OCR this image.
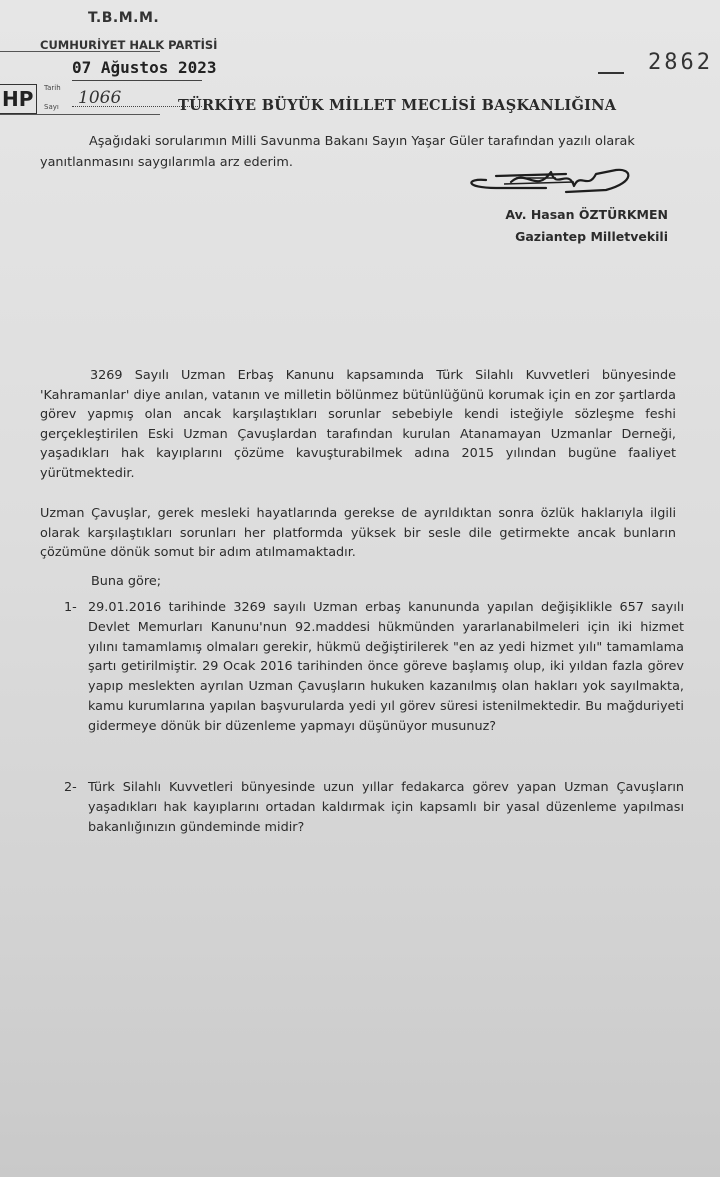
T.B.M.M.
CUMHURİYET HALK PARTİSİ
HP	Tarih
07 Ağustos 2023
Sayı 1066
2862
TÜRKİYE BÜYÜK MİLLET MECLİSİ BAŞKANLIĞINA
Aşağıdaki sorularımın Milli Savunma Bakanı Sayın Yaşar Güler tarafından yazılı olarak
yanıtlanmasını saygılarımla arz ederim.
Av. Hasan ÖZTÜRKMEN
Gaziantep Milletvekili
3269 Sayılı Uzman Erbaş Kanunu kapsamında Türk Silahlı Kuvvetleri bünyesinde 'Kahramanlar' diye anılan, vatanın ve milletin bölünmez bütünlüğünü korumak için en zor şartlarda görev yapmış olan ancak karşılaştıkları sorunlar sebebiyle kendi isteğiyle sözleşme feshi gerçekleştirilen Eski Uzman Çavuşlardan tarafından kurulan Atanamayan Uzmanlar Derneği, yaşadıkları hak kayıplarını çözüme kavuşturabilmek adına 2015 yılından bugüne faaliyet yürütmektedir.
Uzman Çavuşlar, gerek mesleki hayatlarında gerekse de ayrıldıktan sonra özlük haklarıyla ilgili olarak karşılaştıkları sorunları her platformda yüksek bir sesle dile getirmekte ancak bunların çözümüne dönük somut bir adım atılmamaktadır.
Buna göre;
1- 29.01.2016 tarihinde 3269 sayılı Uzman erbaş kanununda yapılan değişiklikle 657 sayılı Devlet Memurları Kanunu'nun 92.maddesi hükmünden yararlanabilmeleri için iki hizmet yılını tamamlamış olmaları gerekir, hükmü değiştirilerek "en az yedi hizmet yılı" tamamlama şartı getirilmiştir. 29 Ocak 2016 tarihinden önce göreve başlamış olup, iki yıldan fazla görev yapıp meslekten ayrılan Uzman Çavuşların hukuken kazanılmış olan hakları yok sayılmakta, kamu kurumlarına yapılan başvurularda yedi yıl görev süresi istenilmektedir. Bu mağduriyeti gidermeye dönük bir düzenleme yapmayı düşünüyor musunuz?
2- Türk Silahlı Kuvvetleri bünyesinde uzun yıllar fedakarca görev yapan Uzman Çavuşların yaşadıkları hak kayıplarını ortadan kaldırmak için kapsamlı bir yasal düzenleme yapılması bakanlığınızın gündeminde midir?
